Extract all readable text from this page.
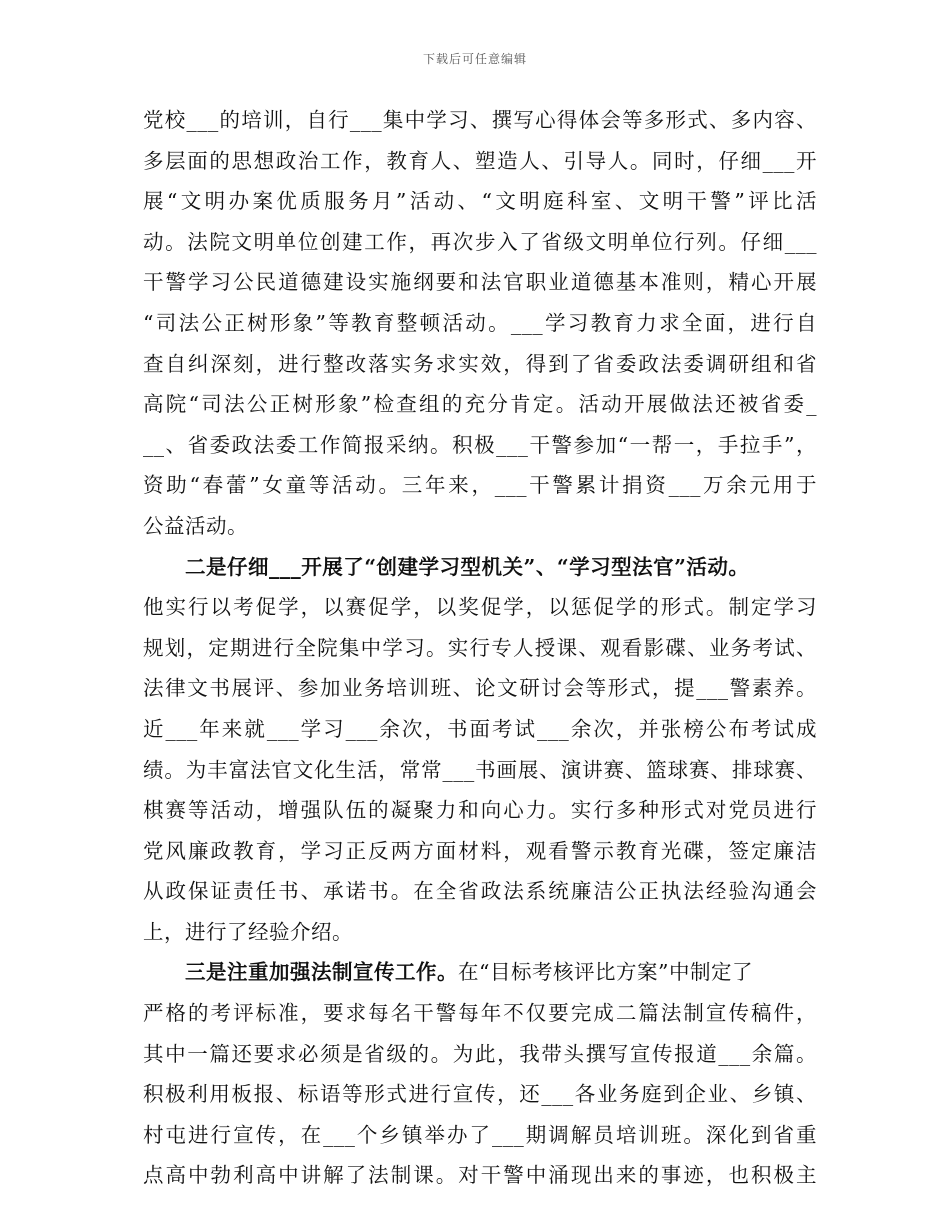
下载后可任意编辑
党校___的培训，自行___集中学习、撰写心得体会等多形式、多内容、
多层面的思想政治工作，教育人、塑造人、引导人。同时，仔细___开
展“文明办案优质服务月”活动、“文明庭科室、文明干警”评比活
动。法院文明单位创建工作，再次步入了省级文明单位行列。仔细___
干警学习公民道德建设实施纲要和法官职业道德基本准则，精心开展
“司法公正树形象”等教育整顿活动。___学习教育力求全面，进行自
查自纠深刻，进行整改落实务求实效，得到了省委政法委调研组和省
高院“司法公正树形象”检查组的充分肯定。活动开展做法还被省委_
__、省委政法委工作简报采纳。积极___干警参加“一帮一，手拉手”，
资助“春蕾”女童等活动。三年来，___干警累计捐资___万余元用于
公益活动。
二是仔细___开展了“创建学习型机关”、“学习型法官”活动。
他实行以考促学，以赛促学，以奖促学，以惩促学的形式。制定学习
规划，定期进行全院集中学习。实行专人授课、观看影碟、业务考试、
法律文书展评、参加业务培训班、论文研讨会等形式，提___警素养。
近___年来就___学习___余次，书面考试___余次，并张榜公布考试成
绩。为丰富法官文化生活，常常___书画展、演讲赛、篮球赛、排球赛、
棋赛等活动，增强队伍的凝聚力和向心力。实行多种形式对党员进行
党风廉政教育，学习正反两方面材料，观看警示教育光碟，签定廉洁
从政保证责任书、承诺书。在全省政法系统廉洁公正执法经验沟通会
上，进行了经验介绍。
三是注重加强法制宣传工作。在“目标考核评比方案”中制定了
严格的考评标准，要求每名干警每年不仅要完成二篇法制宣传稿件，
其中一篇还要求必须是省级的。为此，我带头撰写宣传报道___余篇。
积极利用板报、标语等形式进行宣传，还___各业务庭到企业、乡镇、
村屯进行宣传，在___个乡镇举办了___期调解员培训班。深化到省重
点高中勃利高中讲解了法制课。对干警中涌现出来的事迹，也积极主
